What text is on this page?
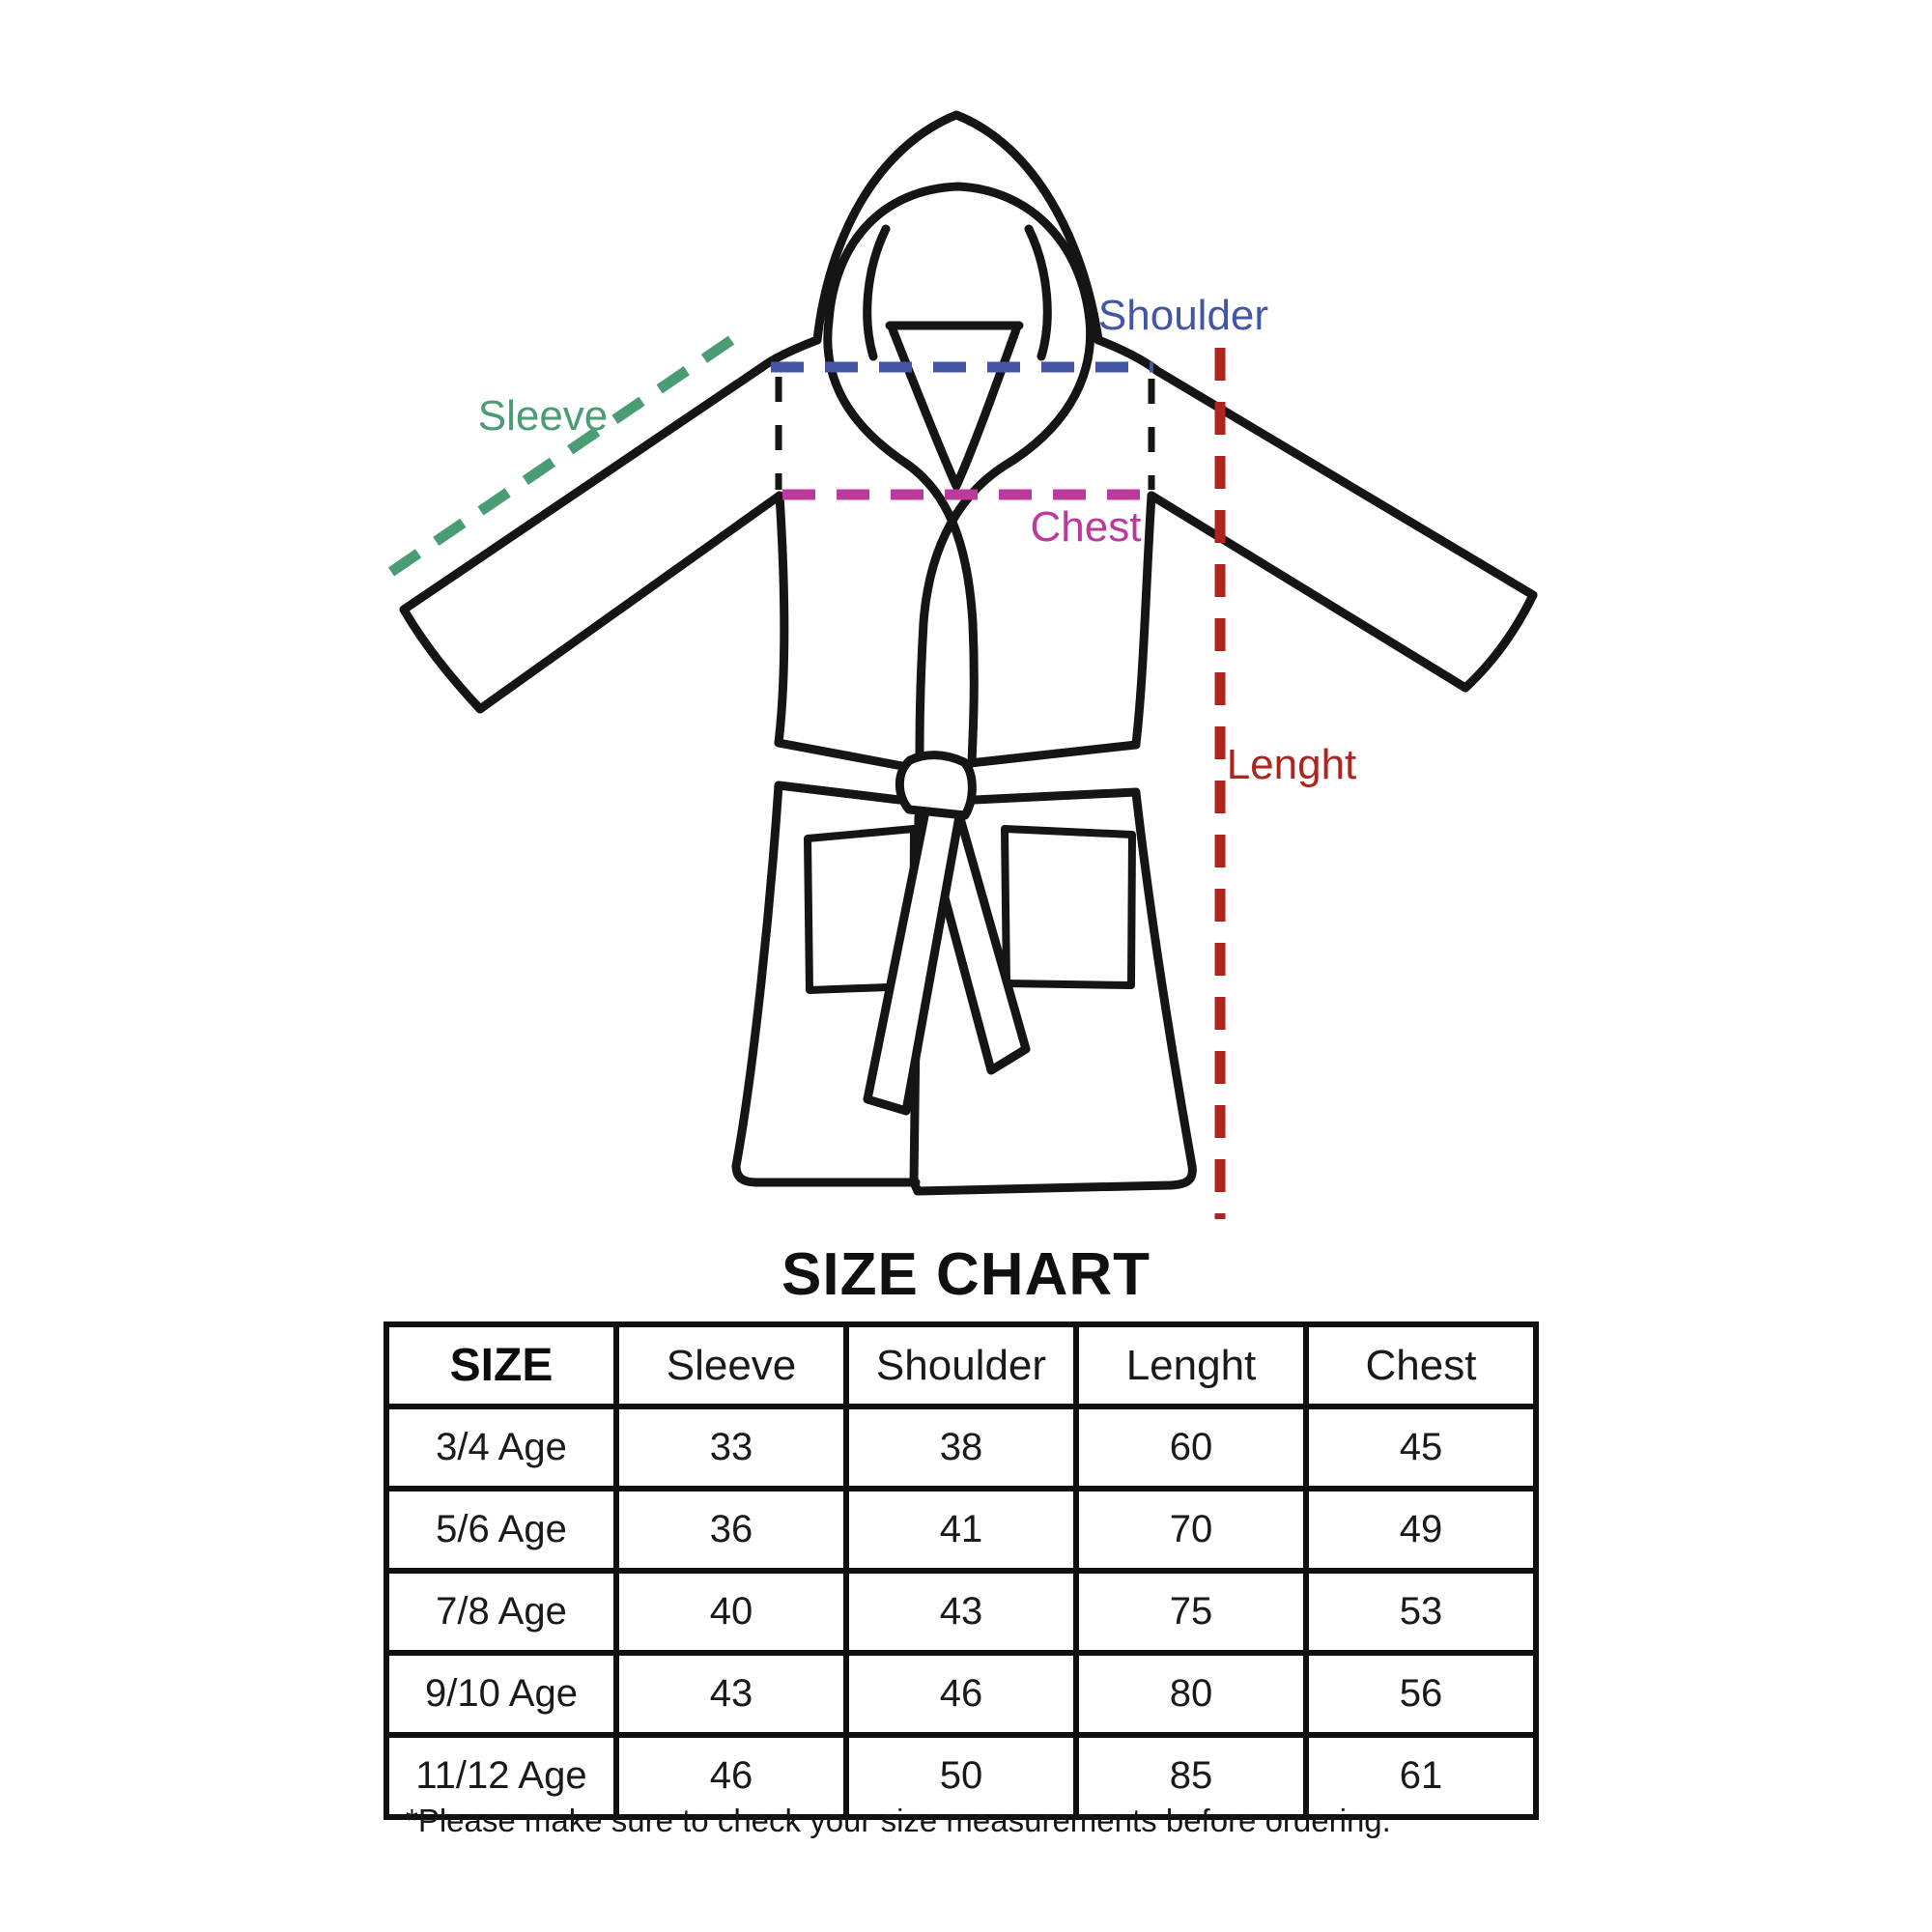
Sleeve
Shoulder
Chest
Lenght
SIZE CHART
SIZE	Sleeve	Shoulder	Lenght	Chest
3/4 Age	33	38	60	45
5/6 Age	36	41	70	49
7/8 Age	40	43	75	53
9/10 Age	43	46	80	56
11/12 Age	46	50	85	61
*Please make sure to check your size measurements before ordering.
